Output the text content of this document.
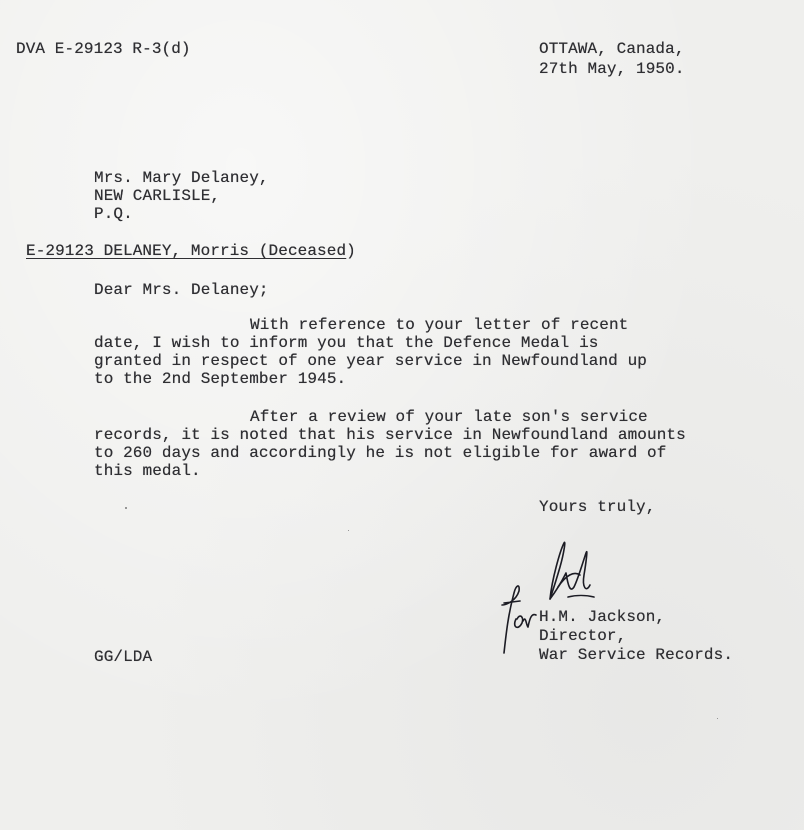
DVA E-29123 R-3(d)	OTTAWA, Canada,
27th May, 1950.
Mrs. Mary Delaney,
NEW CARLISLE,
P.Q.
E-29123 DELANEY, Morris (Deceased)
Dear Mrs. Delaney;
With reference to your letter of recent
date, I wish to inform you that the Defence Medal is
granted in respect of one year service in Newfoundland up
to the 2nd September 1945.
After a review of your late son's service
records, it is noted that his service in Newfoundland amounts
to 260 days and accordingly he is not eligible for award of
this medal.
Yours truly,
H.M. Jackson,
Director,
War Service Records.
GG/LDA
